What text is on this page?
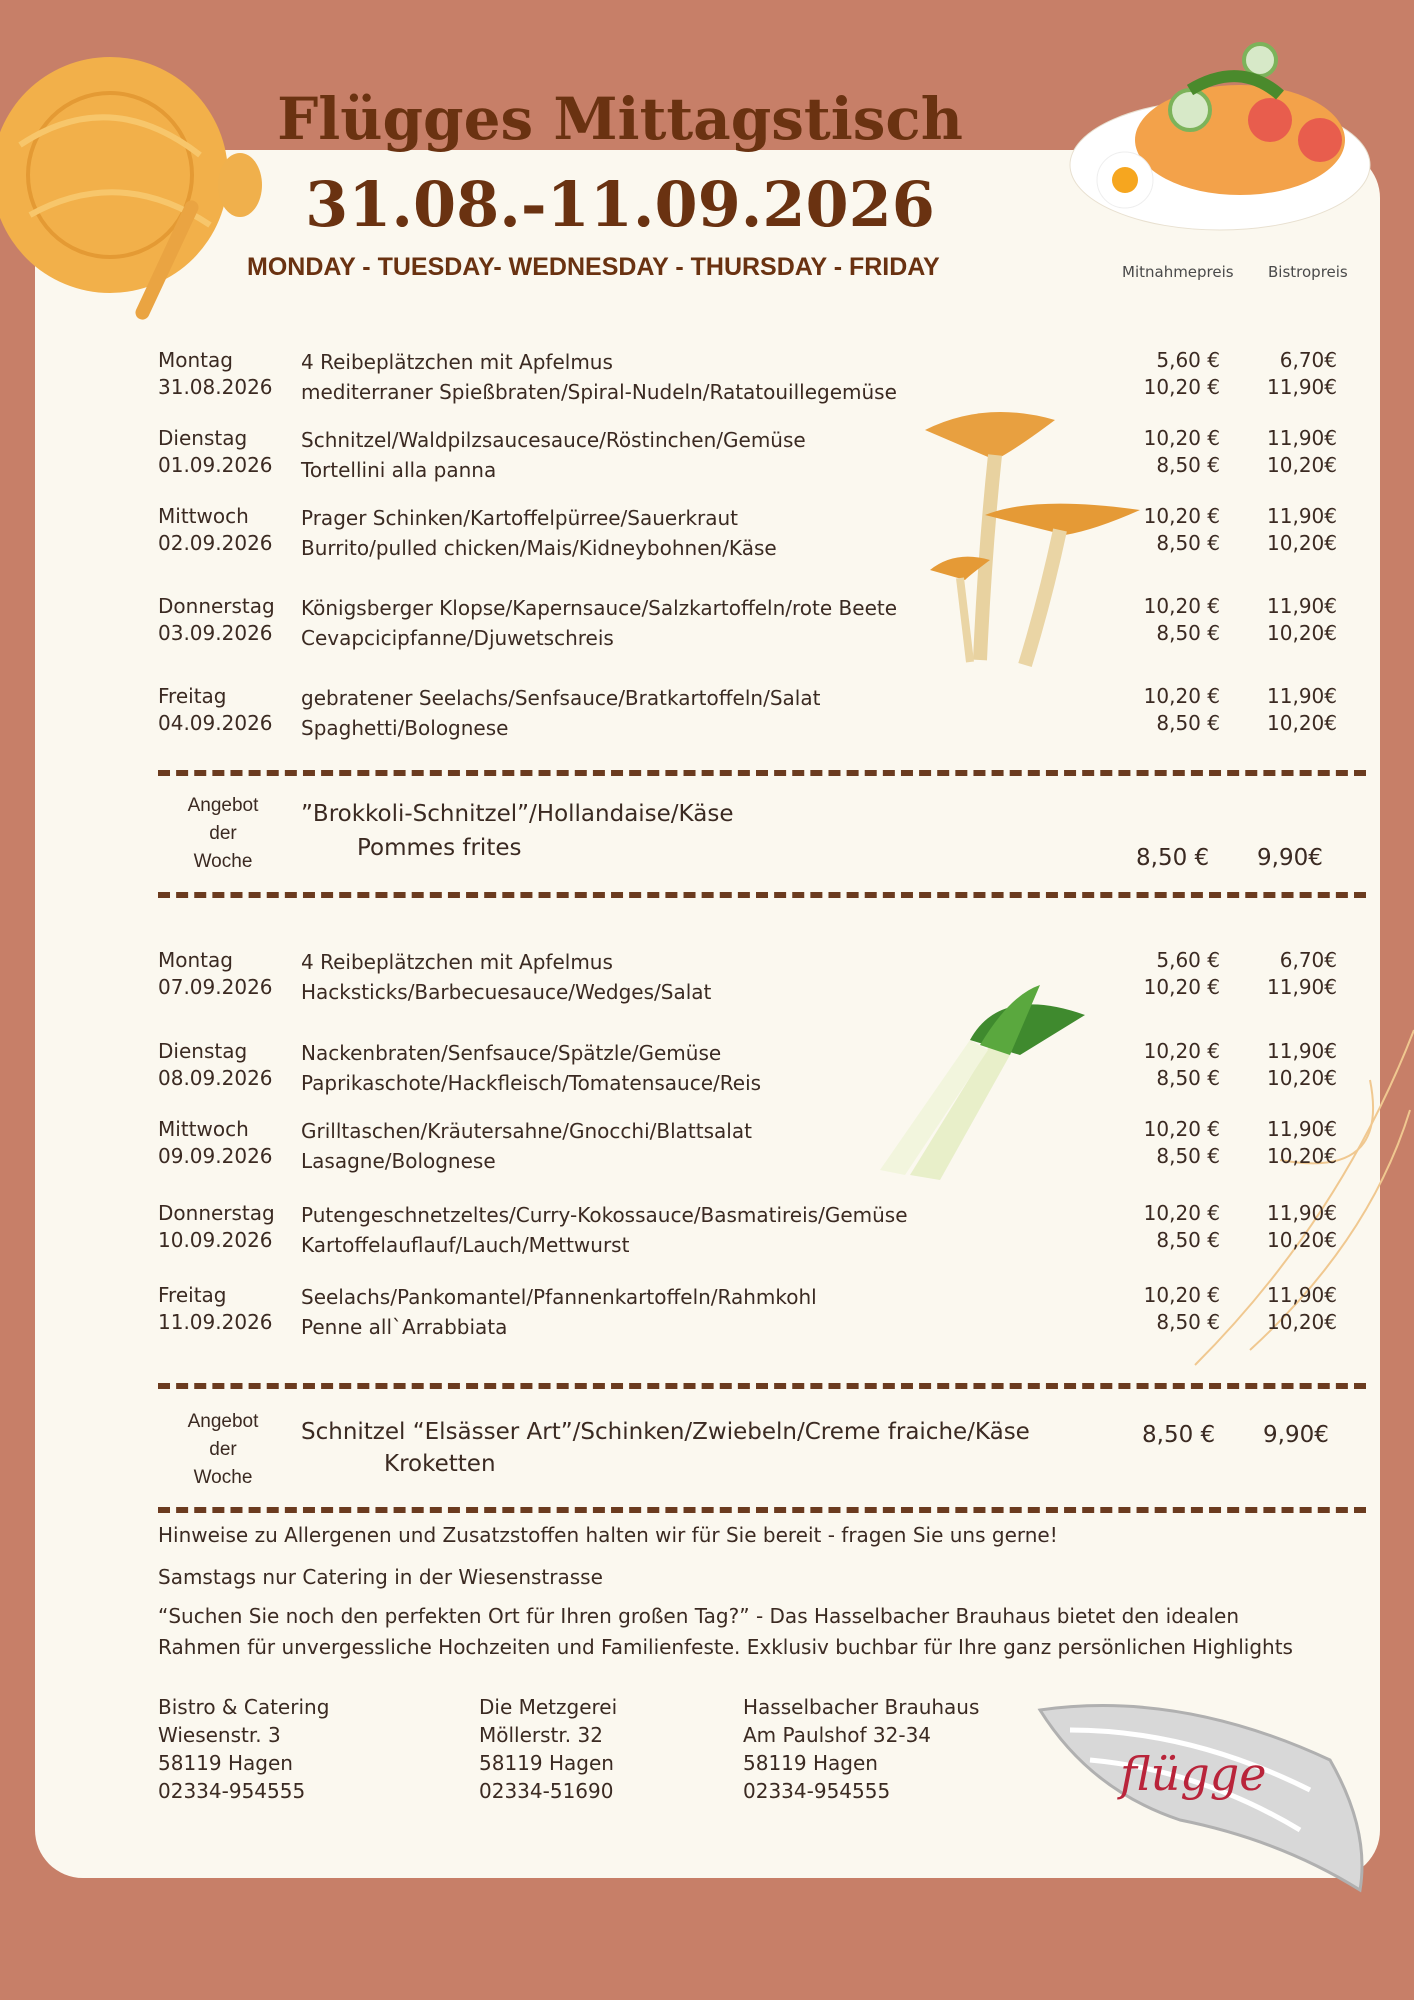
flügge
Flügges Mittagstisch
31.08.-11.09.2026
MONDAY - TUESDAY- WEDNESDAY - THURSDAY - FRIDAY	Mitnahmepreis Bistropreis
Montag
31.08.2026
4 Reibeplätzchen mit Apfelmus
mediterraner Spießbraten/Spiral-Nudeln/Ratatouillegemüse
5,60 €
10,20 €
6,70€
11,90€
Dienstag
01.09.2026
Schnitzel/Waldpilzsaucesauce/Röstinchen/Gemüse
Tortellini alla panna
10,20 €
8,50 €
11,90€
10,20€
Mittwoch
02.09.2026
Prager Schinken/Kartoffelpürree/Sauerkraut
Burrito/pulled chicken/Mais/Kidneybohnen/Käse
10,20 €
8,50 €
11,90€
10,20€
Donnerstag
03.09.2026
Königsberger Klopse/Kapernsauce/Salzkartoffeln/rote Beete
Cevapcicipfanne/Djuwetschreis
10,20 €
8,50 €
11,90€
10,20€
Freitag
04.09.2026
gebratener Seelachs/Senfsauce/Bratkartoffeln/Salat
Spaghetti/Bolognese
10,20 €
8,50 €
11,90€
10,20€
Angebot
der
Woche
”Brokkoli-Schnitzel”/Hollandaise/Käse
Pommes frites	8,50 € 9,90€
Montag
07.09.2026
4 Reibeplätzchen mit Apfelmus
Hacksticks/Barbecuesauce/Wedges/Salat
5,60 €
10,20 €
6,70€
11,90€
Dienstag
08.09.2026
Nackenbraten/Senfsauce/Spätzle/Gemüse
Paprikaschote/Hackfleisch/Tomatensauce/Reis
10,20 €
8,50 €
11,90€
10,20€
Mittwoch
09.09.2026
Grilltaschen/Kräutersahne/Gnocchi/Blattsalat
Lasagne/Bolognese
10,20 €
8,50 €
11,90€
10,20€
Donnerstag
10.09.2026
Putengeschnetzeltes/Curry-Kokossauce/Basmatireis/Gemüse
Kartoffelauflauf/Lauch/Mettwurst
10,20 €
8,50 €
11,90€
10,20€
Freitag
11.09.2026
Seelachs/Pankomantel/Pfannenkartoffeln/Rahmkohl
Penne all`Arrabbiata
10,20 €
8,50 €
11,90€
10,20€
Angebot
der
Woche
Schnitzel “Elsässer Art”/Schinken/Zwiebeln/Creme fraiche/Käse
Kroketten
8,50 € 9,90€
Hinweise zu Allergenen und Zusatzstoffen halten wir für Sie bereit - fragen Sie uns gerne!
Samstags nur Catering in der Wiesenstrasse
“Suchen Sie noch den perfekten Ort für Ihren großen Tag?” - Das Hasselbacher Brauhaus bietet den idealen
Rahmen für unvergessliche Hochzeiten und Familienfeste. Exklusiv buchbar für Ihre ganz persönlichen Highlights
Bistro & Catering
Wiesenstr. 3
58119 Hagen
02334-954555
Die Metzgerei
Möllerstr. 32
58119 Hagen
02334-51690
Hasselbacher Brauhaus
Am Paulshof 32-34
58119 Hagen
02334-954555
